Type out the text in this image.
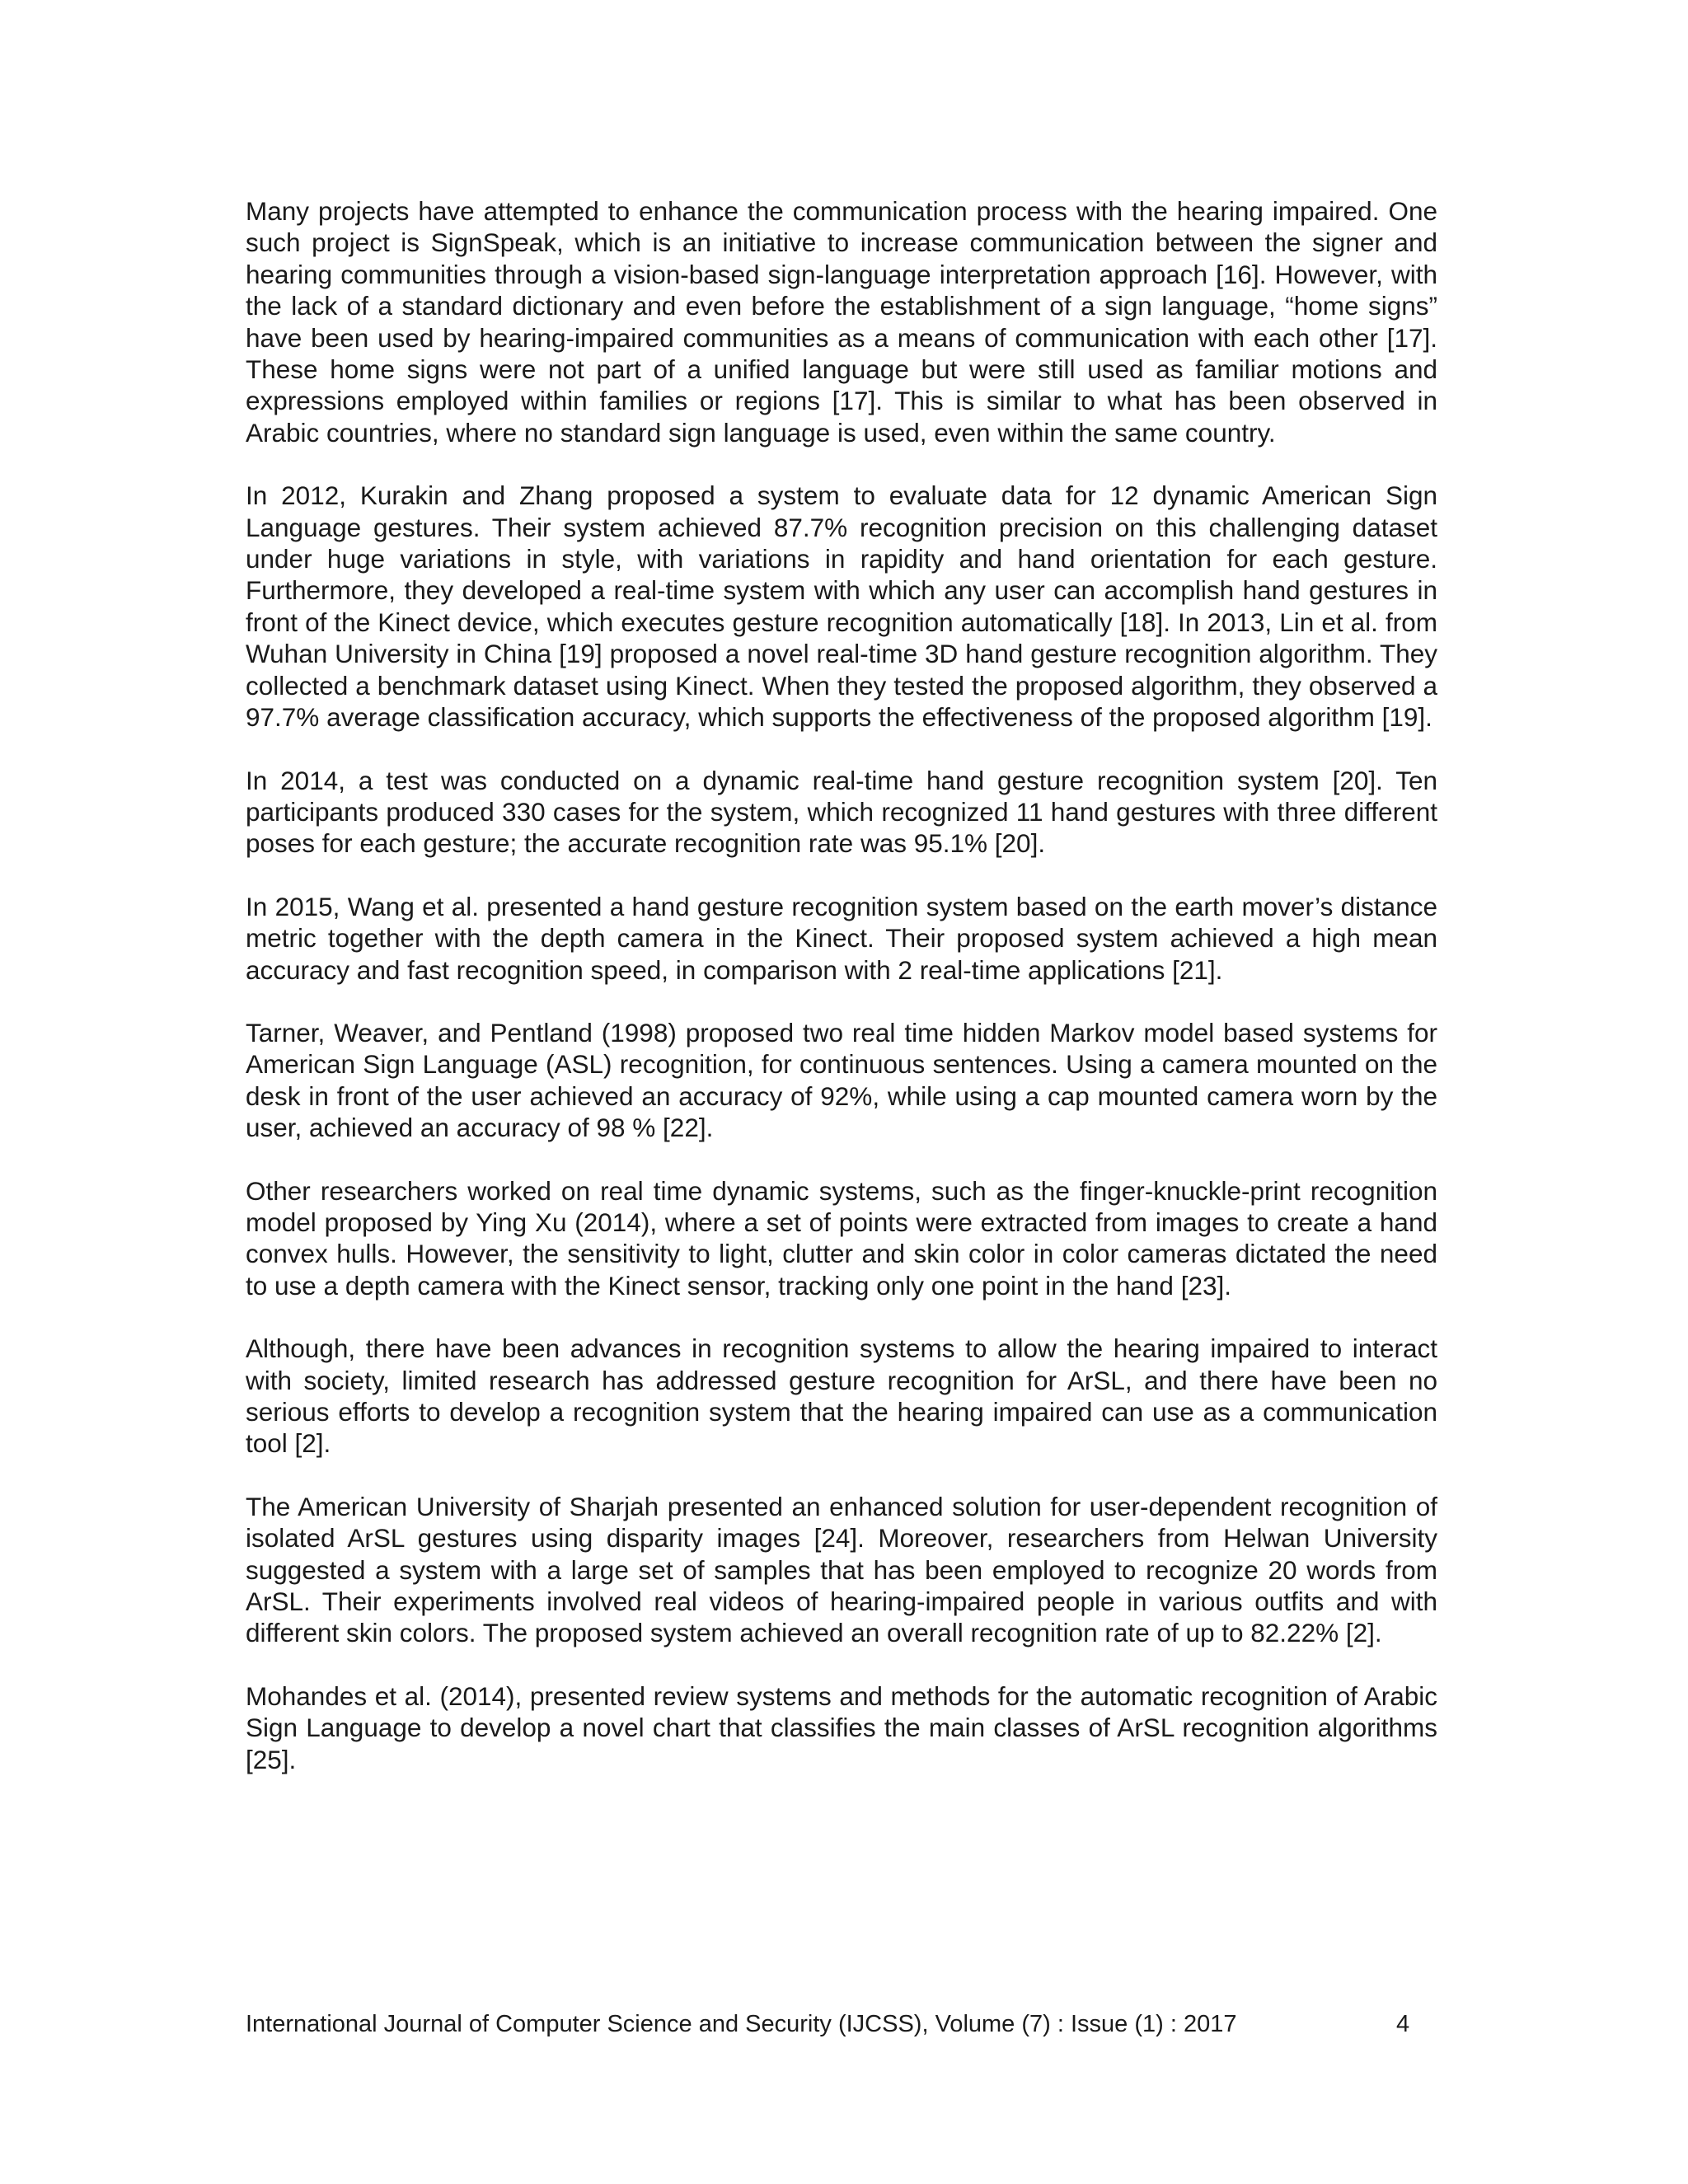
Many projects have attempted to enhance the communication process with the hearing impaired. One such project is SignSpeak, which is an initiative to increase communication between the signer and hearing communities through a vision-based sign-language interpretation approach [16]. However, with the lack of a standard dictionary and even before the establishment of a sign language, “home signs” have been used by hearing-impaired communities as a means of communication with each other [17]. These home signs were not part of a unified language but were still used as familiar motions and expressions employed within families or regions [17]. This is similar to what has been observed in Arabic countries, where no standard sign language is used, even within the same country.

In 2012, Kurakin and Zhang proposed a system to evaluate data for 12 dynamic American Sign Language gestures. Their system achieved 87.7% recognition precision on this challenging dataset under huge variations in style, with variations in rapidity and hand orientation for each gesture. Furthermore, they developed a real-time system with which any user can accomplish hand gestures in front of the Kinect device, which executes gesture recognition automatically [18]. In 2013, Lin et al. from Wuhan University in China [19] proposed a novel real-time 3D hand gesture recognition algorithm. They collected a benchmark dataset using Kinect. When they tested the proposed algorithm, they observed a 97.7% average classification accuracy, which supports the effectiveness of the proposed algorithm [19].

In 2014, a test was conducted on a dynamic real-time hand gesture recognition system [20]. Ten participants produced 330 cases for the system, which recognized 11 hand gestures with three different poses for each gesture; the accurate recognition rate was 95.1% [20].

In 2015, Wang et al. presented a hand gesture recognition system based on the earth mover’s distance metric together with the depth camera in the Kinect. Their proposed system achieved a high mean accuracy and fast recognition speed, in comparison with 2 real-time applications [21].

Tarner, Weaver, and Pentland (1998) proposed two real time hidden Markov model based systems for American Sign Language (ASL) recognition, for continuous sentences. Using a camera mounted on the desk in front of the user achieved an accuracy of 92%, while using a cap mounted camera worn by the user, achieved an accuracy of 98 % [22].

Other researchers worked on real time dynamic systems, such as the finger-knuckle-print recognition model proposed by Ying Xu (2014), where a set of points were extracted from images to create a hand convex hulls. However, the sensitivity to light, clutter and skin color in color cameras dictated the need to use a depth camera with the Kinect sensor, tracking only one point in the hand [23].

Although, there have been advances in recognition systems to allow the hearing impaired to interact with society, limited research has addressed gesture recognition for ArSL, and there have been no serious efforts to develop a recognition system that the hearing impaired can use as a communication tool [2].

The American University of Sharjah presented an enhanced solution for user-dependent recognition of isolated ArSL gestures using disparity images [24]. Moreover, researchers from Helwan University suggested a system with a large set of samples that has been employed to recognize 20 words from ArSL. Their experiments involved real videos of hearing-impaired people in various outfits and with different skin colors. The proposed system achieved an overall recognition rate of up to 82.22% [2].

Mohandes et al. (2014), presented review systems and methods for the automatic recognition of Arabic Sign Language to develop a novel chart that classifies the main classes of ArSL recognition algorithms [25].

International Journal of Computer Science and Security (IJCSS), Volume (7) : Issue (1) : 2017	4
